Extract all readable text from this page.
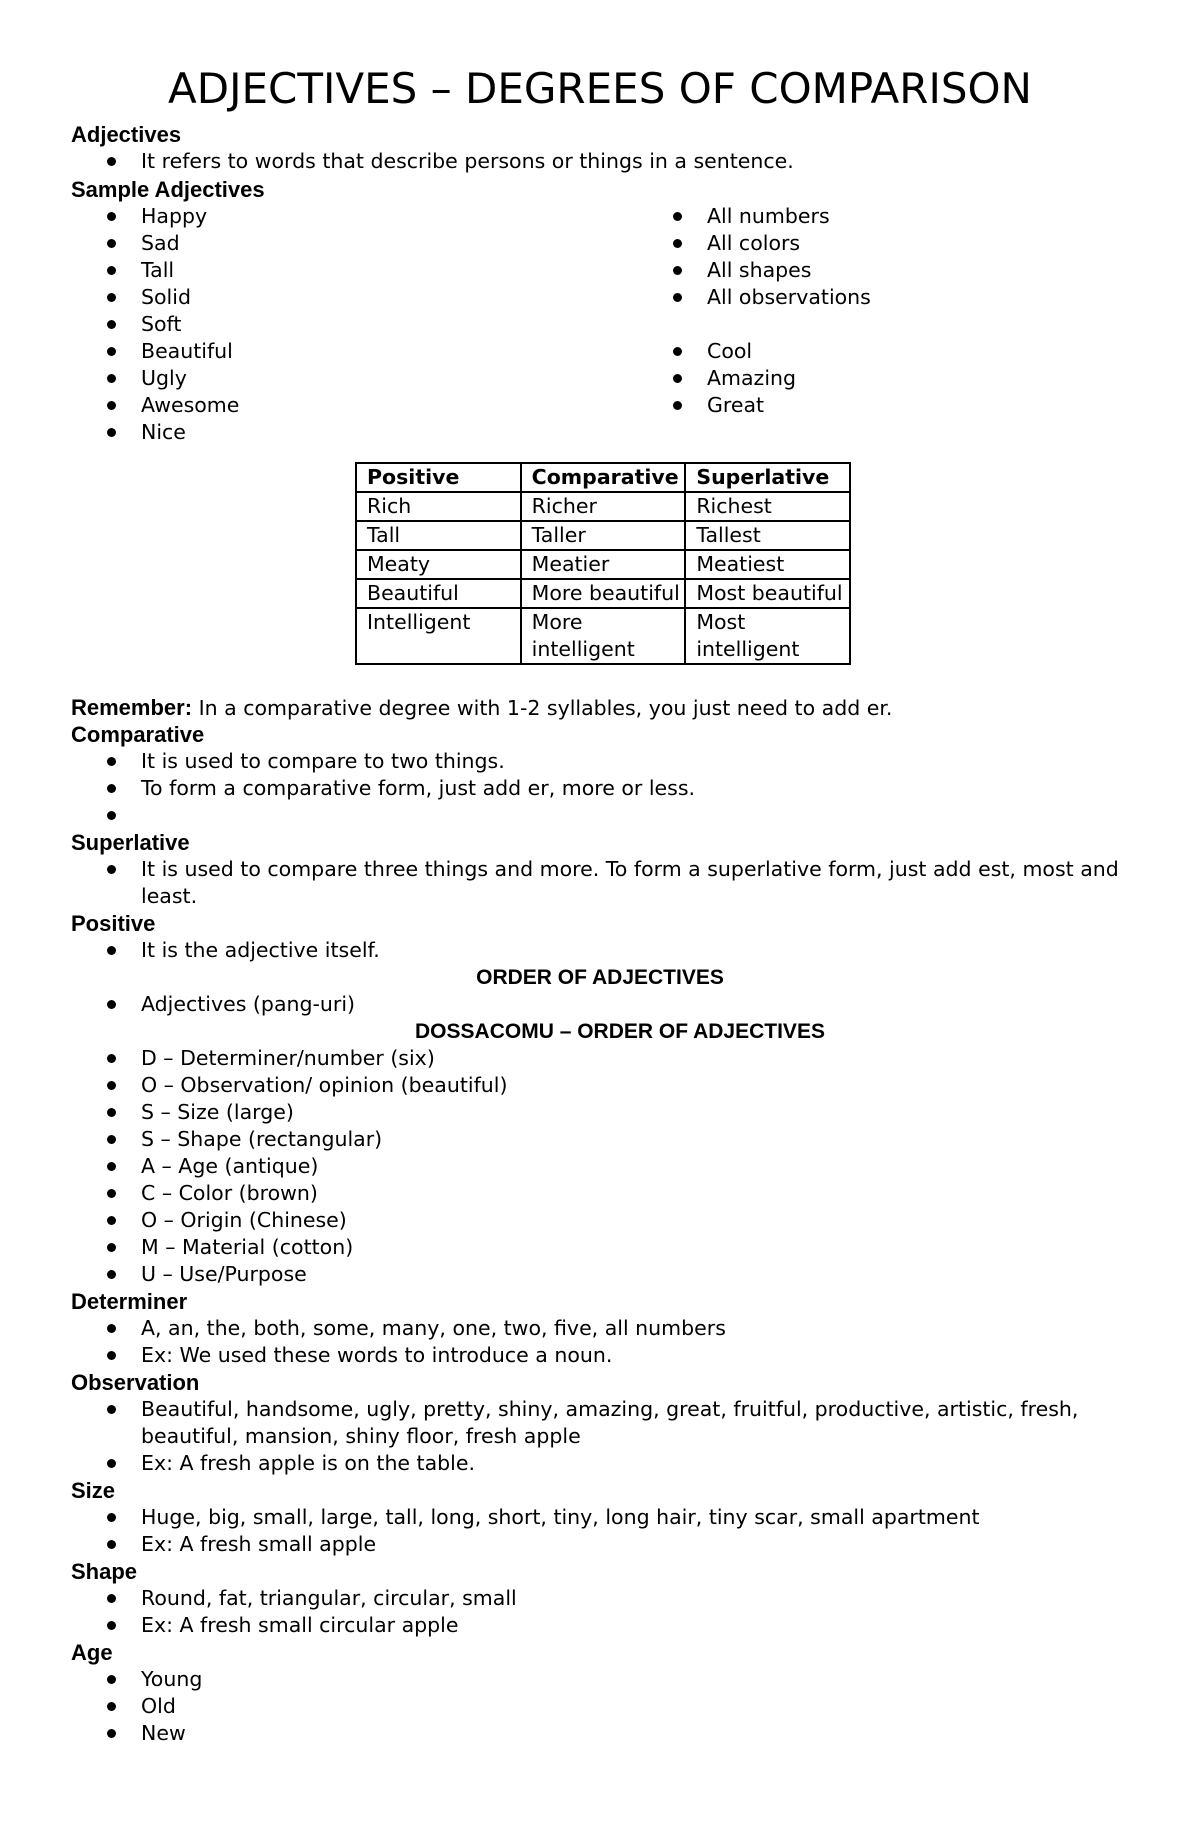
ADJECTIVES – DEGREES OF COMPARISON
Adjectives
It refers to words that describe persons or things in a sentence.
Sample Adjectives
Happy
Sad
Tall
Solid
Soft
Beautiful
Ugly
Awesome
Nice
All numbers
All colors
All shapes
All observations
Cool
Amazing
Great
Positive	Comparative	Superlative
Rich	Richer	Richest
Tall	Taller	Tallest
Meaty	Meatier	Meatiest
Beautiful	More beautiful	Most beautiful
Intelligent	More intelligent	Most intelligent
Remember: In a comparative degree with 1-2 syllables, you just need to add er.
Comparative
It is used to compare to two things.
To form a comparative form, just add er, more or less.
Superlative
It is used to compare three things and more. To form a superlative form, just add est, most and least.
Positive
It is the adjective itself.
ORDER OF ADJECTIVES
Adjectives (pang-uri)
DOSSACOMU – ORDER OF ADJECTIVES
D – Determiner/number (six)
O – Observation/ opinion (beautiful)
S – Size (large)
S – Shape (rectangular)
A – Age (antique)
C – Color (brown)
O – Origin (Chinese)
M – Material (cotton)
U – Use/Purpose
Determiner
A, an, the, both, some, many, one, two, five, all numbers
Ex: We used these words to introduce a noun.
Observation
Beautiful, handsome, ugly, pretty, shiny, amazing, great, fruitful, productive, artistic, fresh, beautiful, mansion, shiny floor, fresh apple
Ex: A fresh apple is on the table.
Size
Huge, big, small, large, tall, long, short, tiny, long hair, tiny scar, small apartment
Ex: A fresh small apple
Shape
Round, fat, triangular, circular, small
Ex: A fresh small circular apple
Age
Young
Old
New
